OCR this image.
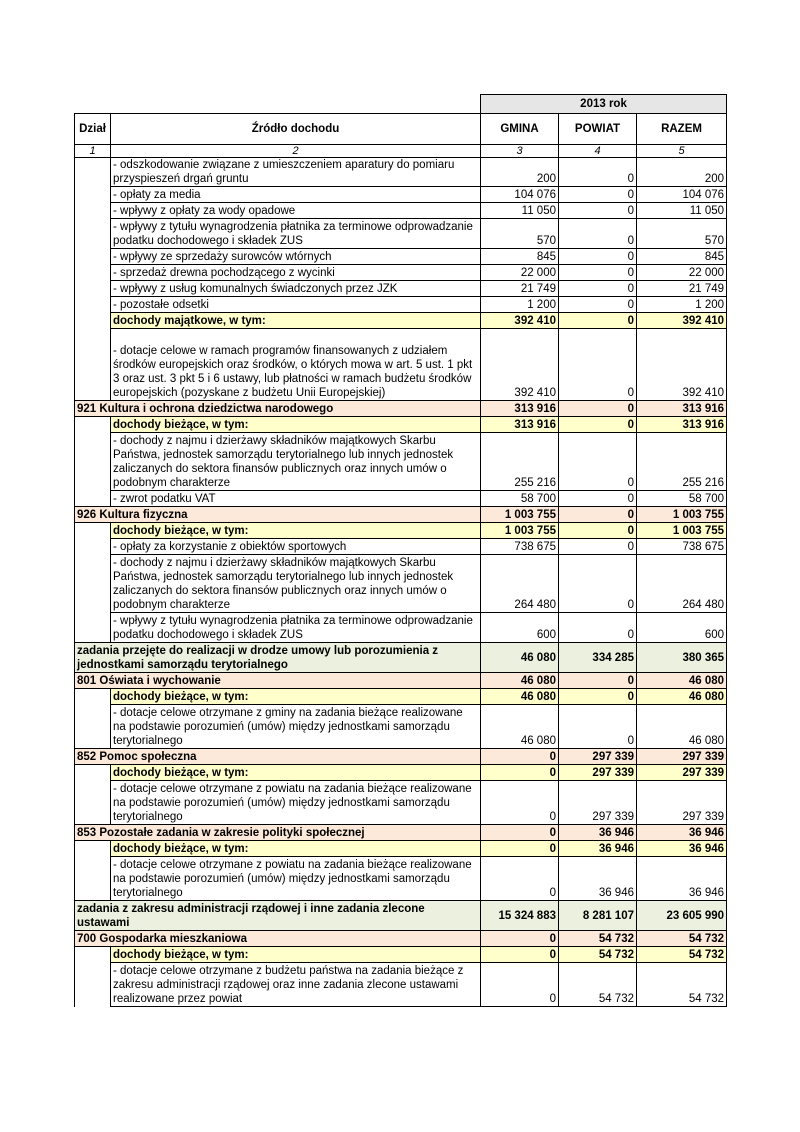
		2013 rok		
Dział	Źródło dochodu	GMINA	POWIAT	RAZEM
1	2	3	4	5
	- odszkodowanie związane z umieszczeniem aparatury do pomiaru przyspieszeń drgań gruntu	200	0	200
	- opłaty za media	104 076	0	104 076
	- wpływy z opłaty za wody opadowe	11 050	0	11 050
	- wpływy z tytułu wynagrodzenia płatnika za terminowe odprowadzanie podatku dochodowego i składek ZUS	570	0	570
	- wpływy ze sprzedaży surowców wtórnych	845	0	845
	- sprzedaż drewna pochodzącego z wycinki	22 000	0	22 000
	- wpływy z usług komunalnych świadczonych przez JZK	21 749	0	21 749
	- pozostałe odsetki	1 200	0	1 200
	dochody majątkowe, w tym:	392 410	0	392 410
	- dotacje celowe w ramach programów finansowanych z udziałem środków europejskich oraz środków, o których mowa w art. 5 ust. 1 pkt 3 oraz ust. 3 pkt 5 i 6 ustawy, lub płatności w ramach budżetu środków europejskich (pozyskane z budżetu Unii Europejskiej)	392 410	0	392 410
921 Kultura i ochrona dziedzictwa narodowego		313 916	0	313 916
	dochody bieżące, w tym:	313 916	0	313 916
	- dochody z najmu i dzierżawy składników majątkowych Skarbu Państwa, jednostek samorządu terytorialnego lub innych jednostek zaliczanych do sektora finansów publicznych oraz innych umów o podobnym charakterze	255 216	0	255 216
	- zwrot podatku VAT	58 700	0	58 700
926 Kultura fizyczna		1 003 755	0	1 003 755
	dochody bieżące, w tym:	1 003 755	0	1 003 755
	- opłaty za korzystanie z obiektów sportowych	738 675	0	738 675
	- dochody z najmu i dzierżawy składników majątkowych Skarbu Państwa, jednostek samorządu terytorialnego lub innych jednostek zaliczanych do sektora finansów publicznych oraz innych umów o podobnym charakterze	264 480	0	264 480
	- wpływy z tytułu wynagrodzenia płatnika za terminowe odprowadzanie podatku dochodowego i składek ZUS	600	0	600
zadania przejęte do realizacji w drodze umowy lub porozumienia z jednostkami samorządu terytorialnego		46 080	334 285	380 365
801 Oświata i wychowanie		46 080	0	46 080
	dochody bieżące, w tym:	46 080	0	46 080
	- dotacje celowe otrzymane z gminy na zadania bieżące realizowane na podstawie porozumień (umów) między jednostkami samorządu terytorialnego	46 080	0	46 080
852 Pomoc społeczna		0	297 339	297 339
	dochody bieżące, w tym:	0	297 339	297 339
	- dotacje celowe otrzymane z powiatu na zadania bieżące realizowane na podstawie porozumień (umów) między jednostkami samorządu terytorialnego	0	297 339	297 339
853 Pozostałe zadania w zakresie polityki społecznej		0	36 946	36 946
	dochody bieżące, w tym:	0	36 946	36 946
	- dotacje celowe otrzymane z powiatu na zadania bieżące realizowane na podstawie porozumień (umów) między jednostkami samorządu terytorialnego	0	36 946	36 946
zadania z zakresu administracji rządowej i inne zadania zlecone ustawami		15 324 883	8 281 107	23 605 990
700 Gospodarka mieszkaniowa		0	54 732	54 732
	dochody bieżące, w tym:	0	54 732	54 732
	- dotacje celowe otrzymane z budżetu państwa na zadania bieżące z zakresu administracji rządowej oraz inne zadania zlecone ustawami realizowane przez powiat	0	54 732	54 732
